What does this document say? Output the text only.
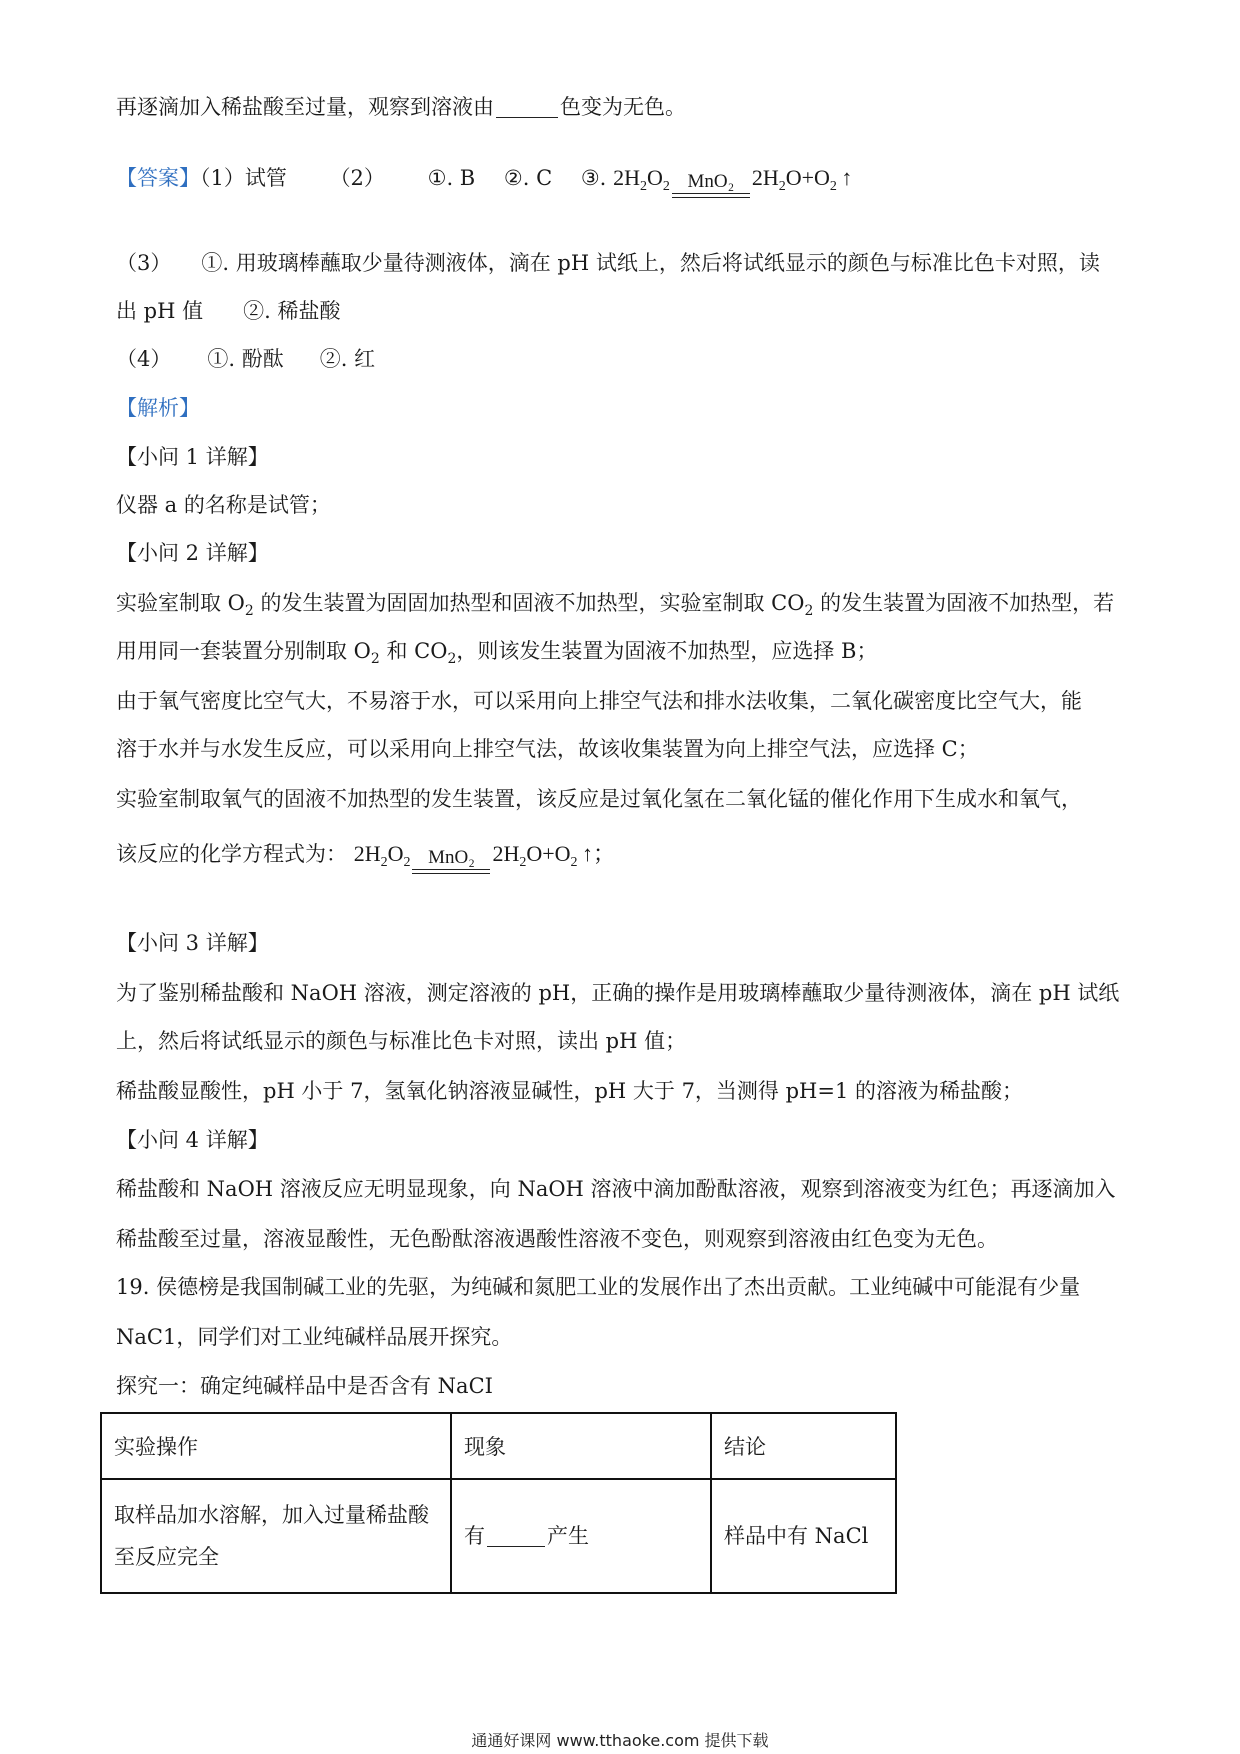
再逐滴加入稀盐酸至过量，观察到溶液由	色变为无色。
【答案】（1）试管 （2） ①. B ②. C ③. $2H_2O_2$ MnO₂ $2H_2O+O_2$ ↑
（3） ①. 用玻璃棒蘸取少量待测液体，滴在 pH 试纸上，然后将试纸显示的颜色与标准比色卡对照，读
出 pH 值 ②. 稀盐酸
（4） ①. 酚酞 ②. 红
【解析】
【小问 1 详解】
仪器 a 的名称是试管；
【小问 2 详解】
实验室制取 $O_2$ 的发生装置为固固加热型和固液不加热型，实验室制取 $CO_2$ 的发生装置为固液不加热型，若
用用同一套装置分别制取 $O_2$ 和 $CO_2$，则该发生装置为固液不加热型，应选择 B；
由于氧气密度比空气大，不易溶于水，可以采用向上排空气法和排水法收集，二氧化碳密度比空气大，能
溶于水并与水发生反应，可以采用向上排空气法，故该收集装置为向上排空气法，应选择 C；
实验室制取氧气的固液不加热型的发生装置，该反应是过氧化氢在二氧化锰的催化作用下生成水和氧气，
该反应的化学方程式为： $2H_2O_2$ MnO₂ $2H_2O+O_2$ ↑；
【小问 3 详解】
为了鉴别稀盐酸和 NaOH 溶液，测定溶液的 pH，正确的操作是用玻璃棒蘸取少量待测液体，滴在 pH 试纸
上，然后将试纸显示的颜色与标准比色卡对照，读出 pH 值；
稀盐酸显酸性，pH 小于 7，氢氧化钠溶液显碱性，pH 大于 7，当测得 pH=1 的溶液为稀盐酸；
【小问 4 详解】
稀盐酸和 NaOH 溶液反应无明显现象，向 NaOH 溶液中滴加酚酞溶液，观察到溶液变为红色；再逐滴加入
稀盐酸至过量，溶液显酸性，无色酚酞溶液遇酸性溶液不变色，则观察到溶液由红色变为无色。
19. 侯德榜是我国制碱工业的先驱，为纯碱和氮肥工业的发展作出了杰出贡献。工业纯碱中可能混有少量
NaC1，同学们对工业纯碱样品展开探究。
探究一：确定纯碱样品中是否含有 NaCI
实验操作	现象	结论

取样品加水溶解，加入过量稀盐酸
至反应完全	有 产生	样品中有 NaCl
通通好课网 www.tthaoke.com 提供下载
